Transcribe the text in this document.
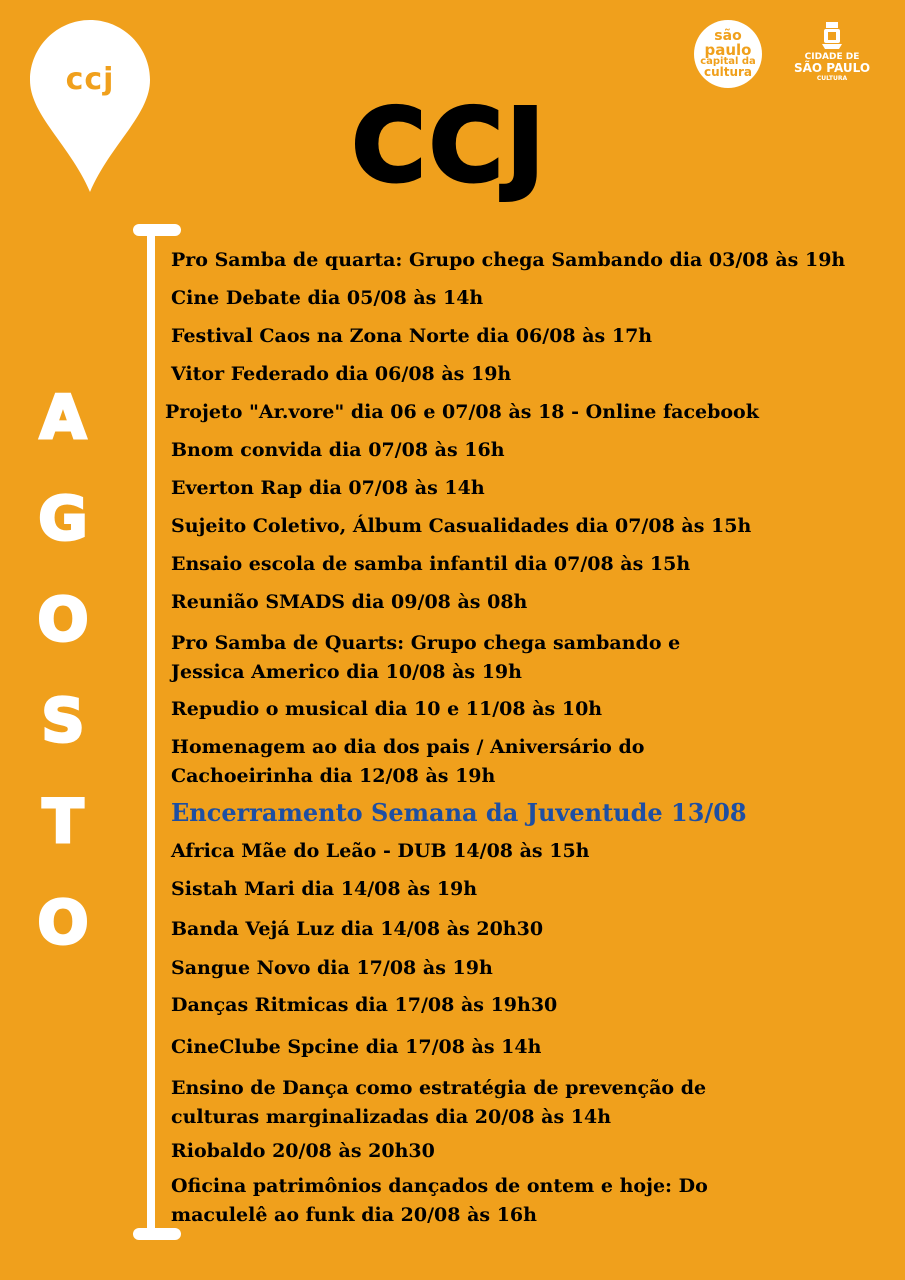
ccj
são
paulo
capital da
cultura
CIDADE DE
SÃO PAULO
CULTURA
CCJ
A
G
O
S
T
O

Pro Samba de quarta: Grupo chega Sambando dia 03/08 às 19h

Cine Debate dia 05/08 às 14h

Festival Caos na Zona Norte dia 06/08 às 17h

Vitor Federado dia 06/08 às 19h

Projeto "Ar.vore" dia 06 e 07/08 às 18 - Online facebook

Bnom convida dia 07/08 às 16h

Everton Rap dia 07/08 às 14h

Sujeito Coletivo, Álbum Casualidades dia 07/08 às 15h

Ensaio escola de samba infantil dia 07/08 às 15h

Reunião SMADS dia 09/08 às 08h

Pro Samba de Quarts: Grupo chega sambando e

Jessica Americo dia 10/08 às 19h

Repudio o musical dia 10 e 11/08 às 10h

Homenagem ao dia dos pais / Aniversário do

Cachoeirinha dia 12/08 às 19h

Encerramento Semana da Juventude 13/08

Africa Mãe do Leão - DUB 14/08 às 15h

Sistah Mari dia 14/08 às 19h

Banda Vejá Luz dia 14/08 às 20h30

Sangue Novo dia 17/08 às 19h

Danças Ritmicas dia 17/08 às 19h30

CineClube Spcine dia 17/08 às 14h

Ensino de Dança como estratégia de prevenção de

culturas marginalizadas dia 20/08 às 14h

Riobaldo 20/08 às 20h30

Oficina patrimônios dançados de ontem e hoje: Do

maculelê ao funk dia 20/08 às 16h
